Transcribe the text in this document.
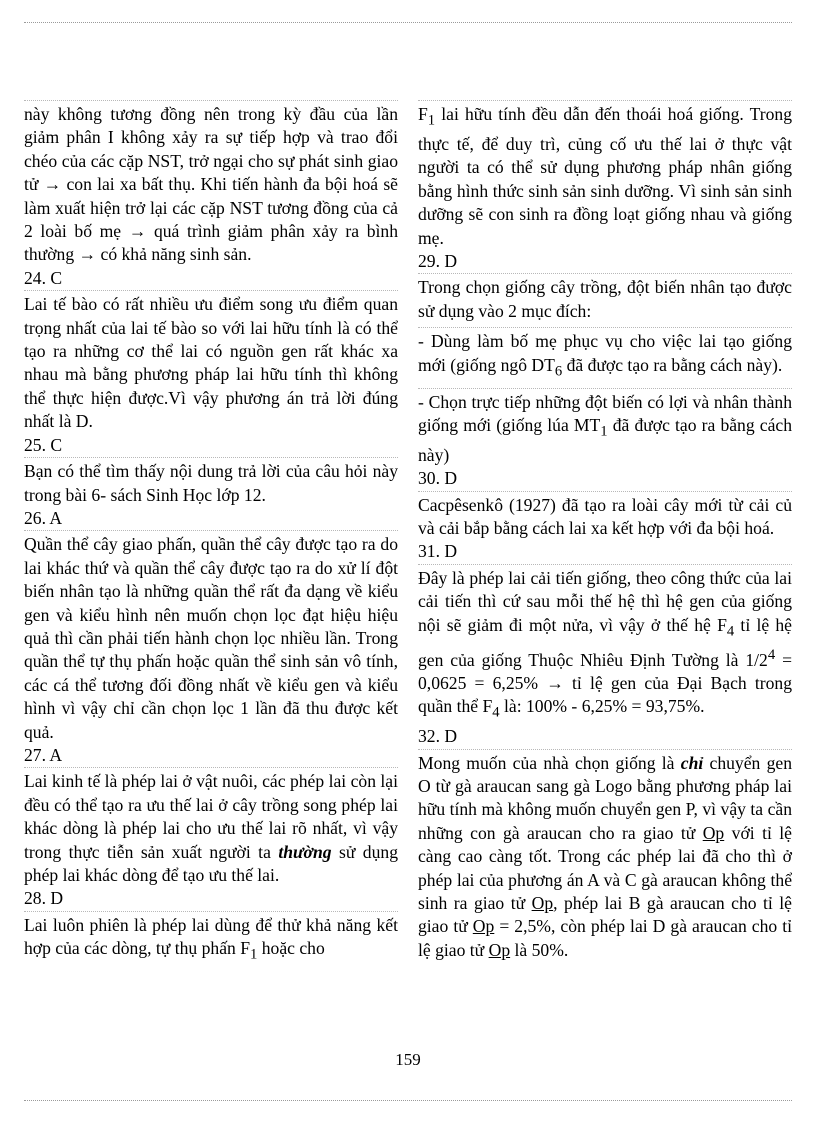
này không tương đồng nên trong kỳ đầu của lần giảm phân I không xảy ra sự tiếp hợp và trao đổi chéo của các cặp NST, trở ngại cho sự phát sinh giao tử → con lai xa bất thụ. Khi tiến hành đa bội hoá sẽ làm xuất hiện trở lại các cặp NST tương đồng của cả 2 loài bố mẹ → quá trình giảm phân xảy ra bình thường → có khả năng sinh sản.

24. C

Lai tế bào có rất nhiều ưu điểm song ưu điểm quan trọng nhất của lai tế bào so với lai hữu tính là có thể tạo ra những cơ thể lai có nguồn gen rất khác xa nhau mà bằng phương pháp lai hữu tính thì không thể thực hiện được.Vì vậy phương án trả lời đúng nhất là D.

25. C

Bạn có thể tìm thấy nội dung trả lời của câu hỏi này trong bài 6- sách Sinh Học lớp 12.

26. A

Quần thể cây giao phấn, quần thể cây được tạo ra do lai khác thứ và quần thể cây được tạo ra do xử lí đột biến nhân tạo là những quần thể rất đa dạng về kiểu gen và kiểu hình nên muốn chọn lọc đạt hiệu hiệu quả thì cần phải tiến hành chọn lọc nhiều lần. Trong quần thể tự thụ phấn hoặc quần thể sinh sản vô tính, các cá thể tương đối đồng nhất về kiểu gen và kiểu hình vì vậy chỉ cần chọn lọc 1 lần đã thu được kết quả.

27. A

Lai kinh tế là phép lai ở vật nuôi, các phép lai còn lại đều có thể tạo ra ưu thế lai ở cây trồng song phép lai khác dòng là phép lai cho ưu thế lai rõ nhất, vì vậy trong thực tiễn sản xuất người ta thường sử dụng phép lai khác dòng để tạo ưu thế lai.

28. D

Lai luôn phiên là phép lai dùng để thử khả năng kết hợp của các dòng, tự thụ phấn $F_1$ hoặc cho

$F_1$ lai hữu tính đều dẫn đến thoái hoá giống. Trong thực tế, để duy trì, củng cố ưu thế lai ở thực vật người ta có thể sử dụng phương pháp nhân giống bằng hình thức sinh sản sinh dưỡng. Vì sinh sản sinh dưỡng sẽ con sinh ra đồng loạt giống nhau và giống mẹ.

29. D

Trong chọn giống cây trồng, đột biến nhân tạo được sử dụng vào 2 mục đích:

- Dùng làm bố mẹ phục vụ cho việc lai tạo giống mới (giống ngô $DT_6$ đã được tạo ra bằng cách này).

- Chọn trực tiếp những đột biến có lợi và nhân thành giống mới (giống lúa $MT_1$ đã được tạo ra bằng cách này)

30. D

Cacpêsenkô (1927) đã tạo ra loài cây mới từ cải củ và cải bắp bằng cách lai xa kết hợp với đa bội hoá.

31. D

Đây là phép lai cải tiến giống, theo công thức của lai cải tiến thì cứ sau mỗi thế hệ thì hệ gen của giống nội sẽ giảm đi một nửa, vì vậy ở thế hệ $F_4$ tỉ lệ hệ gen của giống Thuộc Nhiêu Định Tường là $1/2^4 = 0,0625 = 6,25\%$ → tỉ lệ gen của Đại Bạch trong quần thể $F_4$ là: 100% - 6,25% = 93,75%.

32. D

Mong muốn của nhà chọn giống là chỉ chuyển gen O từ gà araucan sang gà Logo bằng phương pháp lai hữu tính mà không muốn chuyển gen P, vì vậy ta cần những con gà araucan cho ra giao tử Op với tỉ lệ càng cao càng tốt. Trong các phép lai đã cho thì ở phép lai của phương án A và C gà araucan không thể sinh ra giao tử Op, phép lai B gà araucan cho tỉ lệ giao tử Op = 2,5%, còn phép lai D gà araucan cho tỉ lệ giao tử Op là 50%.

159
